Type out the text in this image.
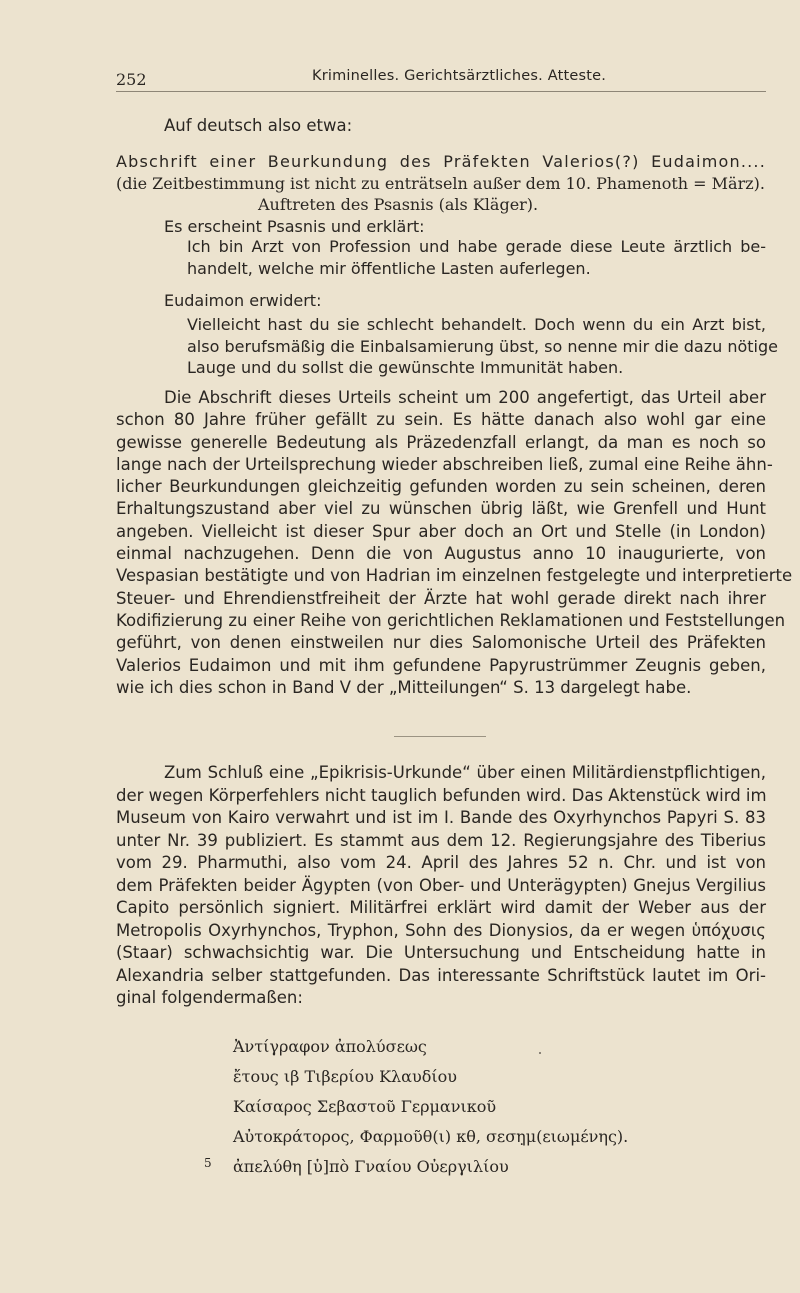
252	Kriminelles. Gerichtsärztliches. Atteste.
Auf deutsch also etwa:
Abschrift einer Beurkundung des Präfekten Valerios(?) Eudaimon....
(die Zeitbestimmung ist nicht zu enträtseln außer dem 10. Phamenoth = März).
Auftreten des Psasnis (als Kläger).
Es erscheint Psasnis und erklärt:
Ich bin Arzt von Profession und habe gerade diese Leute ärztlich be-
handelt, welche mir öffentliche Lasten auferlegen.
Eudaimon erwidert:
Vielleicht hast du sie schlecht behandelt. Doch wenn du ein Arzt bist,
also berufsmäßig die Einbalsamierung übst, so nenne mir die dazu nötige
Lauge und du sollst die gewünschte Immunität haben.
Die Abschrift dieses Urteils scheint um 200 angefertigt, das Urteil aber
schon 80 Jahre früher gefällt zu sein. Es hätte danach also wohl gar eine
gewisse generelle Bedeutung als Präzedenzfall erlangt, da man es noch so
lange nach der Urteilsprechung wieder abschreiben ließ, zumal eine Reihe ähn-
licher Beurkundungen gleichzeitig gefunden worden zu sein scheinen, deren
Erhaltungszustand aber viel zu wünschen übrig läßt, wie Grenfell und Hunt
angeben. Vielleicht ist dieser Spur aber doch an Ort und Stelle (in London)
einmal nachzugehen. Denn die von Augustus anno 10 inaugurierte, von
Vespasian bestätigte und von Hadrian im einzelnen festgelegte und interpretierte
Steuer- und Ehrendienstfreiheit der Ärzte hat wohl gerade direkt nach ihrer
Kodifizierung zu einer Reihe von gerichtlichen Reklamationen und Feststellungen
geführt, von denen einstweilen nur dies Salomonische Urteil des Präfekten
Valerios Eudaimon und mit ihm gefundene Papyrustrümmer Zeugnis geben,
wie ich dies schon in Band V der „Mitteilungen“ S. 13 dargelegt habe.
Zum Schluß eine „Epikrisis-Urkunde“ über einen Militärdienstpflichtigen,
der wegen Körperfehlers nicht tauglich befunden wird. Das Aktenstück wird im
Museum von Kairo verwahrt und ist im I. Bande des Oxyrhynchos Papyri S. 83
unter Nr. 39 publiziert. Es stammt aus dem 12. Regierungsjahre des Tiberius
vom 29. Pharmuthi, also vom 24. April des Jahres 52 n. Chr. und ist von
dem Präfekten beider Ägypten (von Ober- und Unterägypten) Gnejus Vergilius
Capito persönlich signiert. Militärfrei erklärt wird damit der Weber aus der
Metropolis Oxyrhynchos, Tryphon, Sohn des Dionysios, da er wegen ὑπόχυσις
(Staar) schwachsichtig war. Die Untersuchung und Entscheidung hatte in
Alexandria selber stattgefunden. Das interessante Schriftstück lautet im Ori-
ginal folgendermaßen:
Ἀντίγραφον ἀπολύσεως
ἔτους ιβ Τιβερίου Κλαυδίου
Καίσαρος Σεβαστοῦ Γερμανικοῦ
Αὐτοκράτορος, Φαρμοῦθ(ι) κθ, σεση̣μ(ειωμένης).
ἀπελύθη [ὑ]πὸ Γναίου Οὐεργιλίου
5
